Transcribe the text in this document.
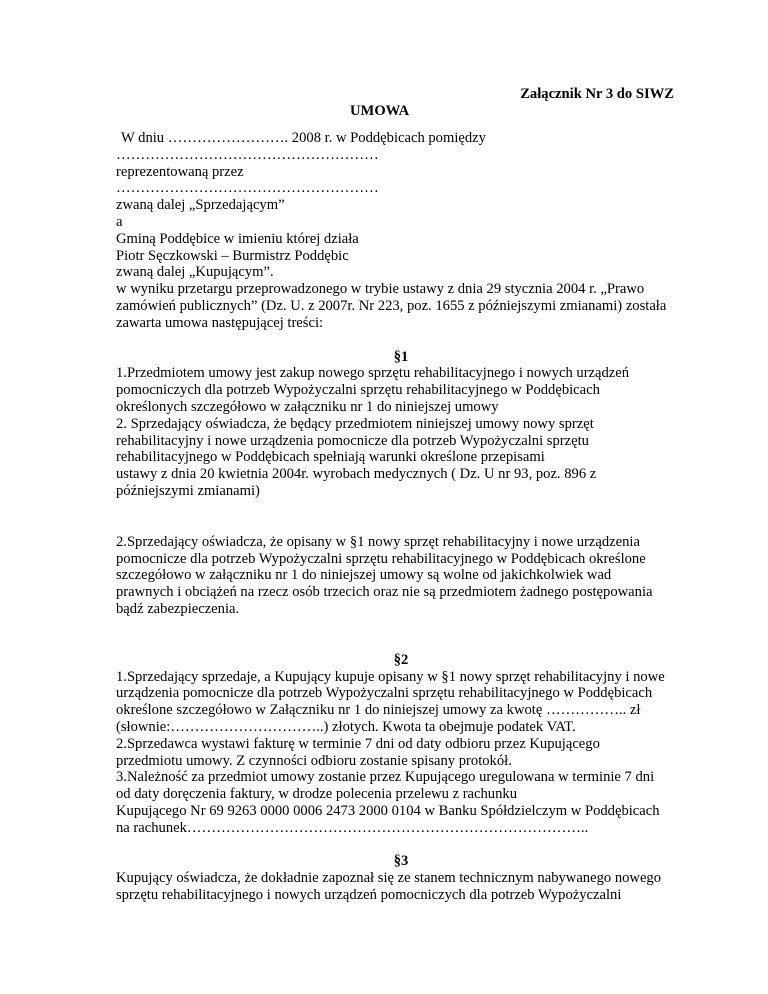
Załącznik Nr 3 do SIWZ
UMOWA
W dniu ……………………. 2008 r. w Poddębicach pomiędzy
………………………………………………
reprezentowaną przez
………………………………………………
zwaną dalej „Sprzedającym”
a
Gminą Poddębice w imieniu której działa
Piotr Sęczkowski – Burmistrz Poddębic
zwaną dalej „Kupującym”.
w wyniku przetargu przeprowadzonego w trybie ustawy z dnia 29 stycznia 2004 r. „Prawo
zamówień publicznych” (Dz. U. z 2007r. Nr 223, poz. 1655 z późniejszymi zmianami) została
zawarta umowa następującej treści:
§1
1.Przedmiotem umowy jest zakup nowego sprzętu rehabilitacyjnego i nowych urządzeń
pomocniczych dla potrzeb Wypożyczalni sprzętu rehabilitacyjnego w Poddębicach
określonych szczegółowo w załączniku nr 1 do niniejszej umowy
2. Sprzedający oświadcza, że będący przedmiotem niniejszej umowy nowy sprzęt
rehabilitacyjny i nowe urządzenia pomocnicze dla potrzeb Wypożyczalni sprzętu
rehabilitacyjnego w Poddębicach spełniają warunki określone przepisami
ustawy z dnia 20 kwietnia 2004r. wyrobach medycznych ( Dz. U nr 93, poz. 896 z
późniejszymi zmianami)
2.Sprzedający oświadcza, że opisany w §1 nowy sprzęt rehabilitacyjny i nowe urządzenia
pomocnicze dla potrzeb Wypożyczalni sprzętu rehabilitacyjnego w Poddębicach określone
szczegółowo w załączniku nr 1 do niniejszej umowy są wolne od jakichkolwiek wad
prawnych i obciążeń na rzecz osób trzecich oraz nie są przedmiotem żadnego postępowania
bądź zabezpieczenia.
§2
1.Sprzedający sprzedaje, a Kupujący kupuje opisany w §1 nowy sprzęt rehabilitacyjny i nowe
urządzenia pomocnicze dla potrzeb Wypożyczalni sprzętu rehabilitacyjnego w Poddębicach
określone szczegółowo w Załączniku nr 1 do niniejszej umowy za kwotę …………….. zł
(słownie:…………………………..) złotych. Kwota ta obejmuje podatek VAT.
2.Sprzedawca wystawi fakturę w terminie 7 dni od daty odbioru przez Kupującego
przedmiotu umowy. Z czynności odbioru zostanie spisany protokół.
3.Należność za przedmiot umowy zostanie przez Kupującego uregulowana w terminie 7 dni
od daty doręczenia faktury, w drodze polecenia przelewu z rachunku
Kupującego Nr 69 9263 0000 0006 2473 2000 0104 w Banku Spółdzielczym w Poddębicach
na rachunek………………………………………………………………………..
§3
Kupujący oświadcza, że dokładnie zapoznał się ze stanem technicznym nabywanego nowego
sprzętu rehabilitacyjnego i nowych urządzeń pomocniczych dla potrzeb Wypożyczalni
